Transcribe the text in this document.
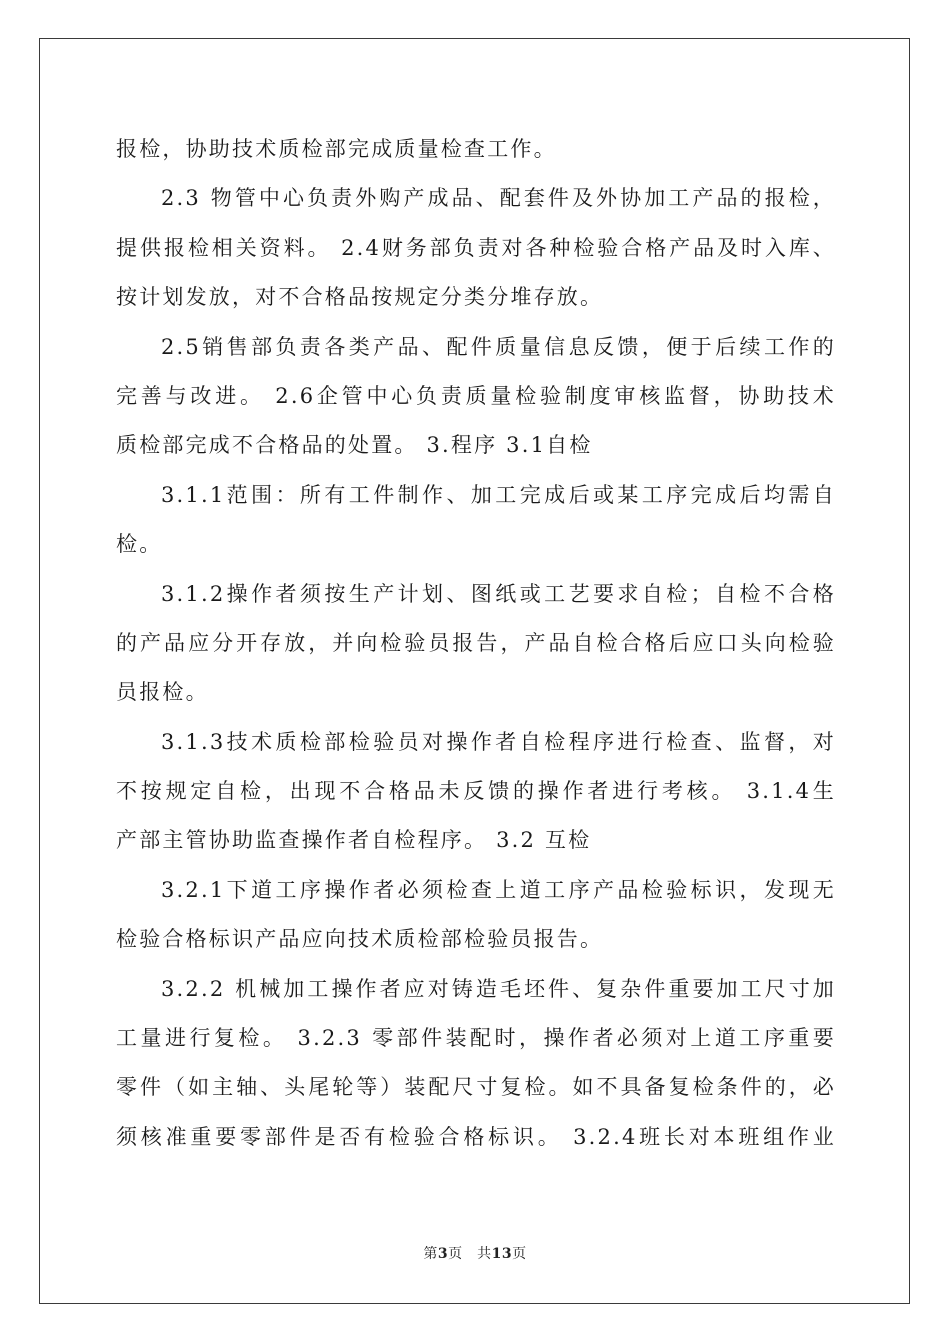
报检，协助技术质检部完成质量检查工作。
2.3 物管中心负责外购产成品、配套件及外协加工产品的报检，
提供报检相关资料。 2.4财务部负责对各种检验合格产品及时入库、
按计划发放，对不合格品按规定分类分堆存放。
2.5销售部负责各类产品、配件质量信息反馈，便于后续工作的
完善与改进。 2.6企管中心负责质量检验制度审核监督，协助技术
质检部完成不合格品的处置。 3.程序 3.1自检
3.1.1范围：所有工件制作、加工完成后或某工序完成后均需自
检。
3.1.2操作者须按生产计划、图纸或工艺要求自检；自检不合格
的产品应分开存放，并向检验员报告，产品自检合格后应口头向检验
员报检。
3.1.3技术质检部检验员对操作者自检程序进行检查、监督，对
不按规定自检，出现不合格品未反馈的操作者进行考核。 3.1.4生
产部主管协助监查操作者自检程序。 3.2 互检
3.2.1下道工序操作者必须检查上道工序产品检验标识，发现无
检验合格标识产品应向技术质检部检验员报告。
3.2.2 机械加工操作者应对铸造毛坯件、复杂件重要加工尺寸加
工量进行复检。 3.2.3 零部件装配时，操作者必须对上道工序重要
零件（如主轴、头尾轮等）装配尺寸复检。如不具备复检条件的，必
须核准重要零部件是否有检验合格标识。 3.2.4班长对本班组作业
第3页　共13页
